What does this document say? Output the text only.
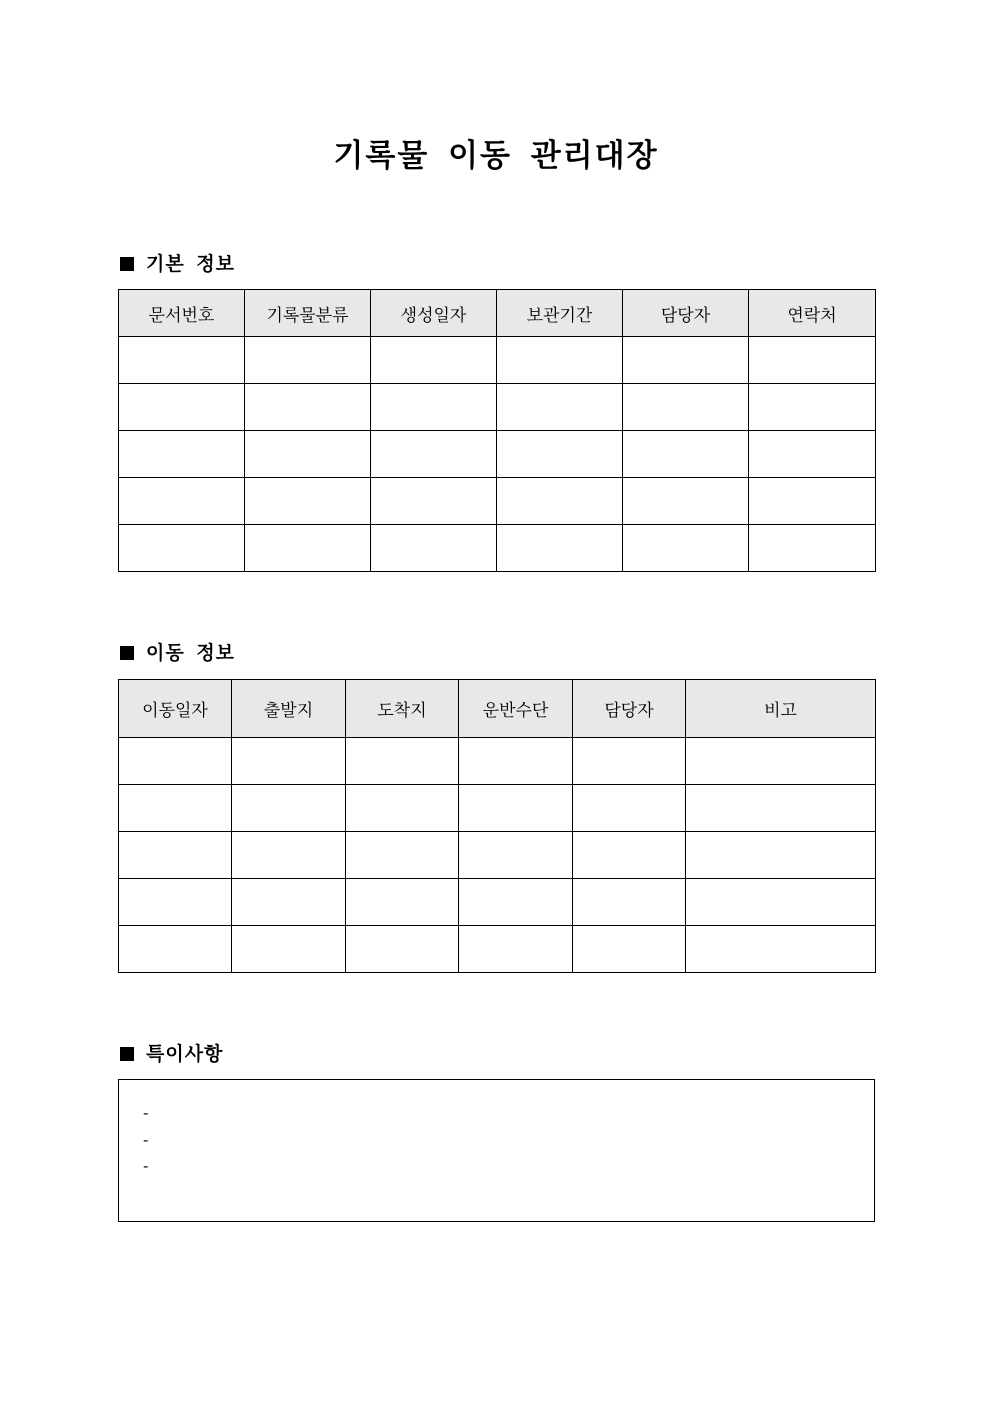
기록물 이동 관리대장
기본 정보
문서번호	기록물분류	생성일자	보관기간	담당자	연락처

이동 정보
이동일자	출발지	도착지	운반수단	담당자	비고

특이사항
-
-
-
